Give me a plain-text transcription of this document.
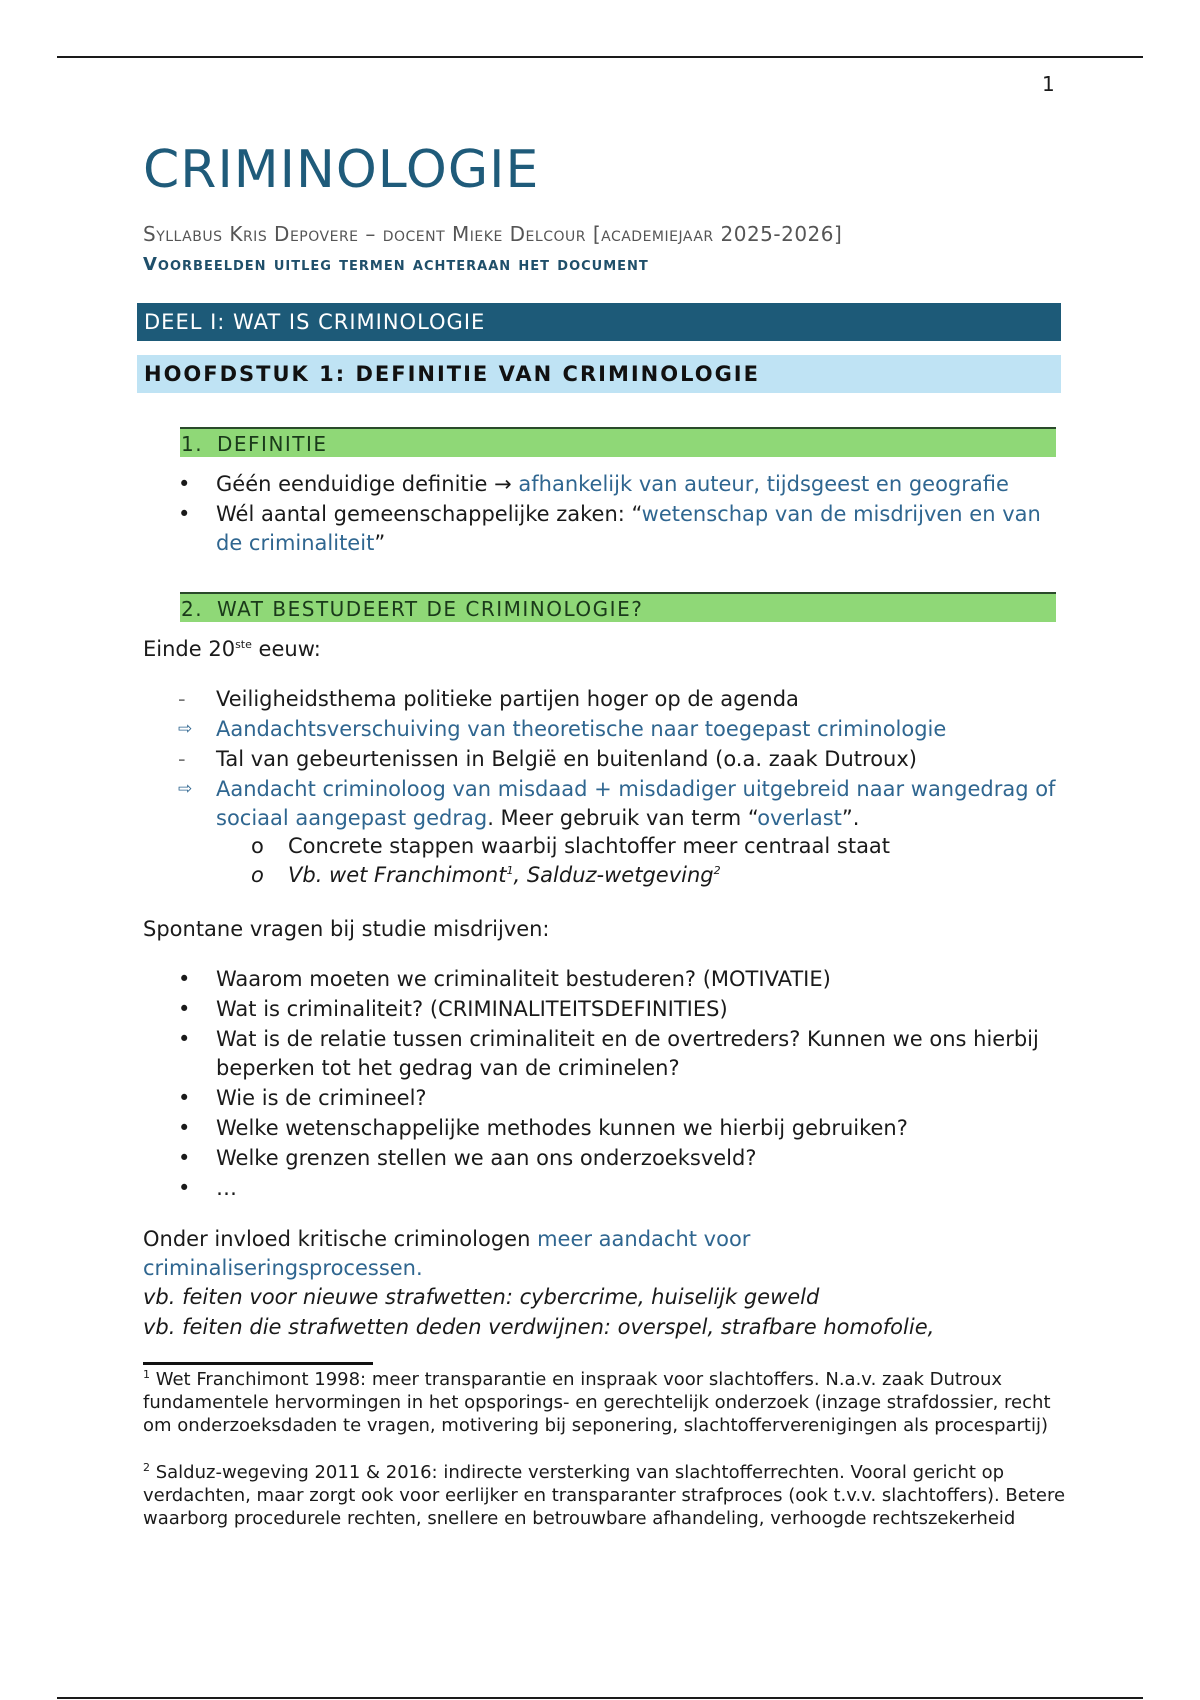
1
CRIMINOLOGIE
Syllabus Kris Depovere – docent Mieke Delcour [academiejaar 2025-2026]
Voorbeelden uitleg termen achteraan het document
DEEL I: WAT IS CRIMINOLOGIE
HOOFDSTUK 1: DEFINITIE VAN CRIMINOLOGIE
1. DEFINITIE
•	Géén eenduidige definitie → afhankelijk van auteur, tijdsgeest en geografie
•	Wél aantal gemeenschappelijke zaken: “wetenschap van de misdrijven en van de criminaliteit”
2. WAT BESTUDEERT DE CRIMINOLOGIE?
Einde 20ste eeuw:
-	Veiligheidsthema politieke partijen hoger op de agenda
⇨ Aandachtsverschuiving van theoretische naar toegepast criminologie
-	Tal van gebeurtenissen in België en buitenland (o.a. zaak Dutroux)
⇨ Aandacht criminoloog van misdaad + misdadiger uitgebreid naar wangedrag of sociaal aangepast gedrag. Meer gebruik van term “overlast”.
o Concrete stappen waarbij slachtoffer meer centraal staat
o Vb. wet Franchimont$^1$, Salduz-wetgeving$^2$
Spontane vragen bij studie misdrijven:
•	Waarom moeten we criminaliteit bestuderen? (MOTIVATIE)
•	Wat is criminaliteit? (CRIMINALITEITSDEFINITIES)
•	Wat is de relatie tussen criminaliteit en de overtreders? Kunnen we ons hierbij beperken tot het gedrag van de criminelen?
•	Wie is de crimineel?
•	Welke wetenschappelijke methodes kunnen we hierbij gebruiken?
•	Welke grenzen stellen we aan ons onderzoeksveld?
•	…
Onder invloed kritische criminologen meer aandacht voor criminaliseringsprocessen.
vb. feiten voor nieuwe strafwetten: cybercrime, huiselijk geweld
vb. feiten die strafwetten deden verdwijnen: overspel, strafbare homofolie,
$^1$ Wet Franchimont 1998: meer transparantie en inspraak voor slachtoffers. N.a.v. zaak Dutroux fundamentele hervormingen in het opsporings- en gerechtelijk onderzoek (inzage strafdossier, recht om onderzoeksdaden te vragen, motivering bij seponering, slachtofferverenigingen als procespartij)
$^2$ Salduz-wegeving 2011 & 2016: indirecte versterking van slachtofferrechten. Vooral gericht op verdachten, maar zorgt ook voor eerlijker en transparanter strafproces (ook t.v.v. slachtoffers). Betere waarborg procedurele rechten, snellere en betrouwbare afhandeling, verhoogde rechtszekerheid
